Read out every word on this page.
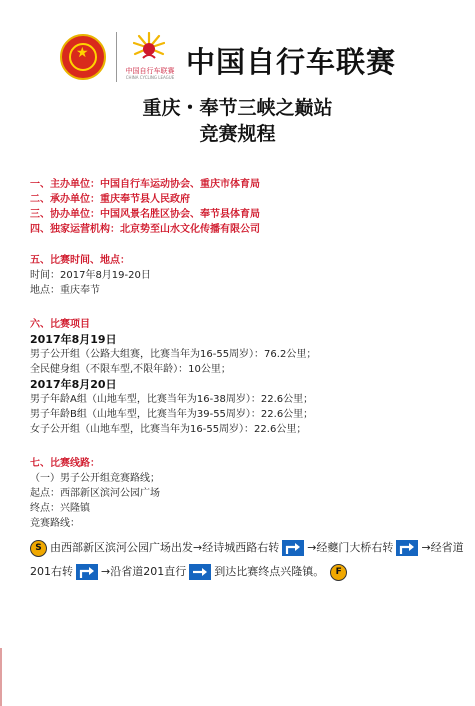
★
中国自行车联赛
CHINA CYCLING LEAGUE 中国自行车联赛
重庆・奉节三峡之巅站
竞赛规程
一、主办单位：中国自行车运动协会、重庆市体育局
二、承办单位：重庆奉节县人民政府
三、协办单位：中国风景名胜区协会、奉节县体育局
四、独家运营机构：北京势至山水文化传播有限公司
五、比赛时间、地点：
时间：2017年8月19-20日
地点：重庆奉节
六、比赛项目
2017年8月19日
男子公开组（公路大组赛，比赛当年为16-55周岁）：76.2公里；
全民健身组（不限车型,不限年龄）：10公里；
2017年8月20日
男子年龄A组（山地车型，比赛当年为16-38周岁）：22.6公里；
男子年龄B组（山地车型，比赛当年为39-55周岁）：22.6公里；
女子公开组（山地车型，比赛当年为16-55周岁）：22.6公里；
七、比赛线路：
（一）男子公开组竞赛路线；
起点：西部新区滨河公园广场
终点：兴隆镇
竞赛路线：
S 由西部新区滨河公园广场出发→经诗城西路右转	→经夔门大桥右转	→经省道
201右转	→沿省道201直行	到达比赛终点兴隆镇。	F
